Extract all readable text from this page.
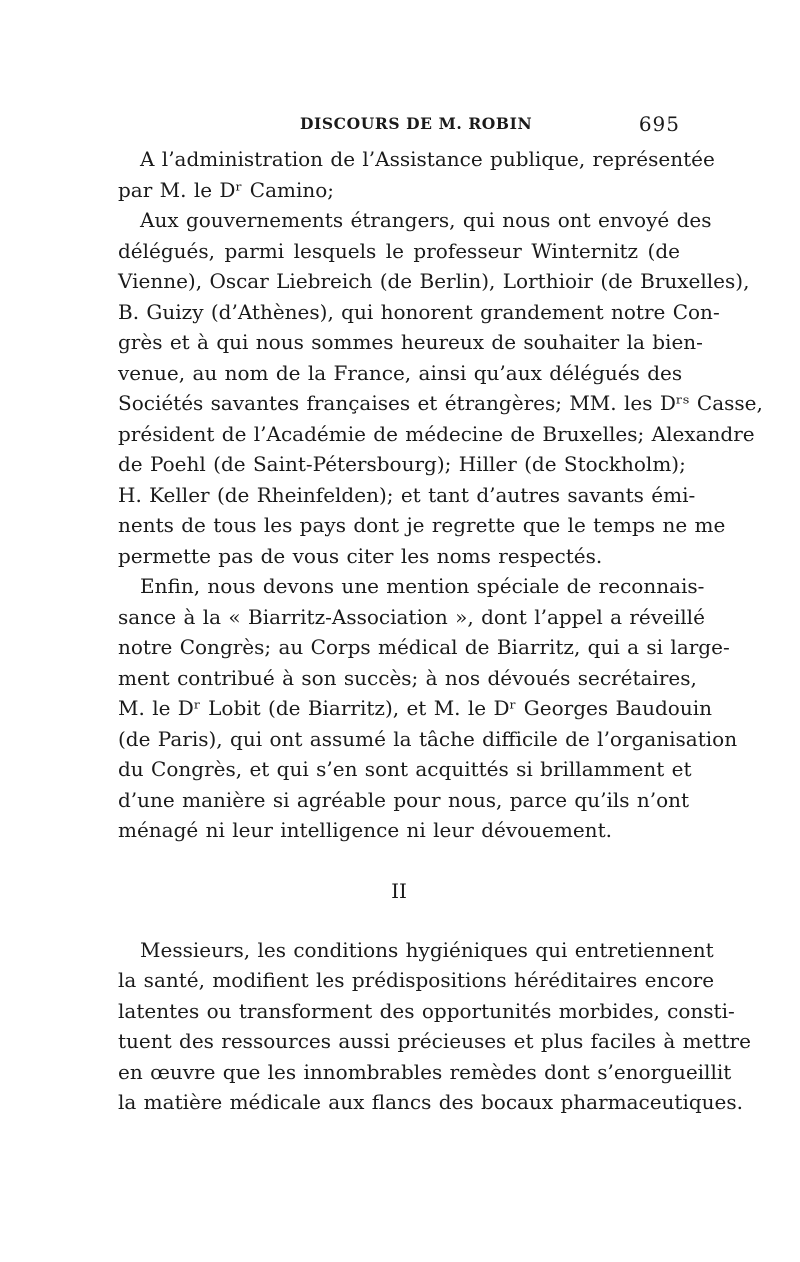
DISCOURS DE M. ROBIN	695
A l’administration de l’Assistance publique, représentée
par M. le Dʳ Camino;
Aux gouvernements étrangers, qui nous ont envoyé des
délégués, parmi lesquels le professeur Winternitz (de
Vienne), Oscar Liebreich (de Berlin), Lorthioir (de Bruxelles),
B. Guizy (d’Athènes), qui honorent grandement notre Con-
grès et à qui nous sommes heureux de souhaiter la bien-
venue, au nom de la France, ainsi qu’aux délégués des
Sociétés savantes françaises et étrangères; MM. les Dʳˢ Casse,
président de l’Académie de médecine de Bruxelles; Alexandre
de Poehl (de Saint-Pétersbourg); Hiller (de Stockholm);
H. Keller (de Rheinfelden); et tant d’autres savants émi-
nents de tous les pays dont je regrette que le temps ne me
permette pas de vous citer les noms respectés.
Enfin, nous devons une mention spéciale de reconnais-
sance à la « Biarritz-Association », dont l’appel a réveillé
notre Congrès; au Corps médical de Biarritz, qui a si large-
ment contribué à son succès; à nos dévoués secrétaires,
M. le Dʳ Lobit (de Biarritz), et M. le Dʳ Georges Baudouin
(de Paris), qui ont assumé la tâche difficile de l’organisation
du Congrès, et qui s’en sont acquittés si brillamment et
d’une manière si agréable pour nous, parce qu’ils n’ont
ménagé ni leur intelligence ni leur dévouement.
II
Messieurs, les conditions hygiéniques qui entretiennent
la santé, modifient les prédispositions héréditaires encore
latentes ou transforment des opportunités morbides, consti-
tuent des ressources aussi précieuses et plus faciles à mettre
en œuvre que les innombrables remèdes dont s’enorgueillit
la matière médicale aux flancs des bocaux pharmaceutiques.
